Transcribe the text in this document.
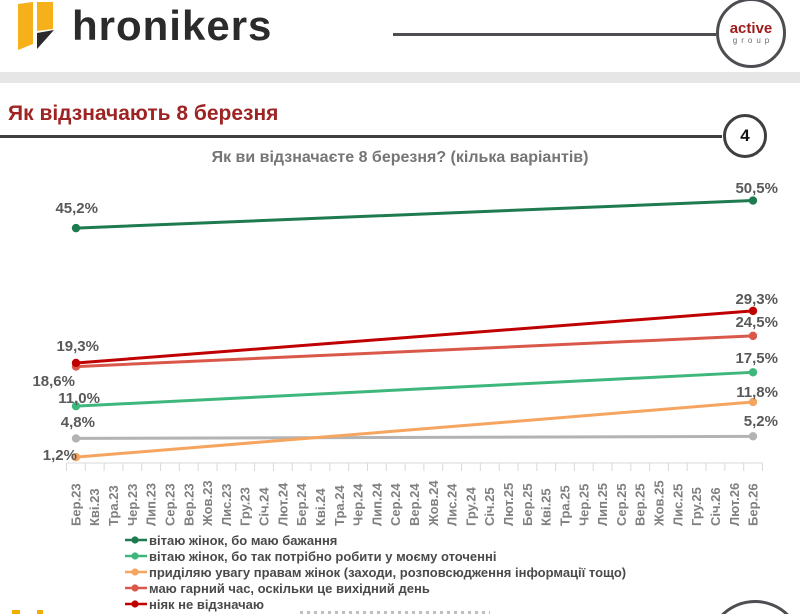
hronikers	active
group
Як відзначають 8 березня
4
Як ви відзначаєте 8 березня? (кілька варіантів)
Бер.23 Кві.23 Тра.23 Чер.23 Лип.23 Сер.23 Вер.23 Жов.23 Лис.23 Гру.23 Січ.24 Лют.24 Бер.24 Кві.24 Тра.24 Чер.24 Лип.24 Сер.24 Вер.24 Жов.24 Лис.24 Гру.24 Січ.25 Лют.25 Бер.25 Кві.25 Тра.25 Чер.25 Лип.25 Сер.25 Вер.25 Жов.25 Лис.25 Гру.25 Січ.26 Лют.26 Бер.26
45,2%
50,5%
11,0%
17,5%
1,2%
11,8%
18,6%
24,5%
19,3%
29,3%
4,8%	5,2%
вітаю жінок, бо маю бажання
вітаю жінок, бо так потрібно робити у моєму оточенні
приділяю увагу правам жінок (заходи, розповсюдження інформації тощо)
маю гарний час, оскільки це вихідний день
ніяк не відзначаю
